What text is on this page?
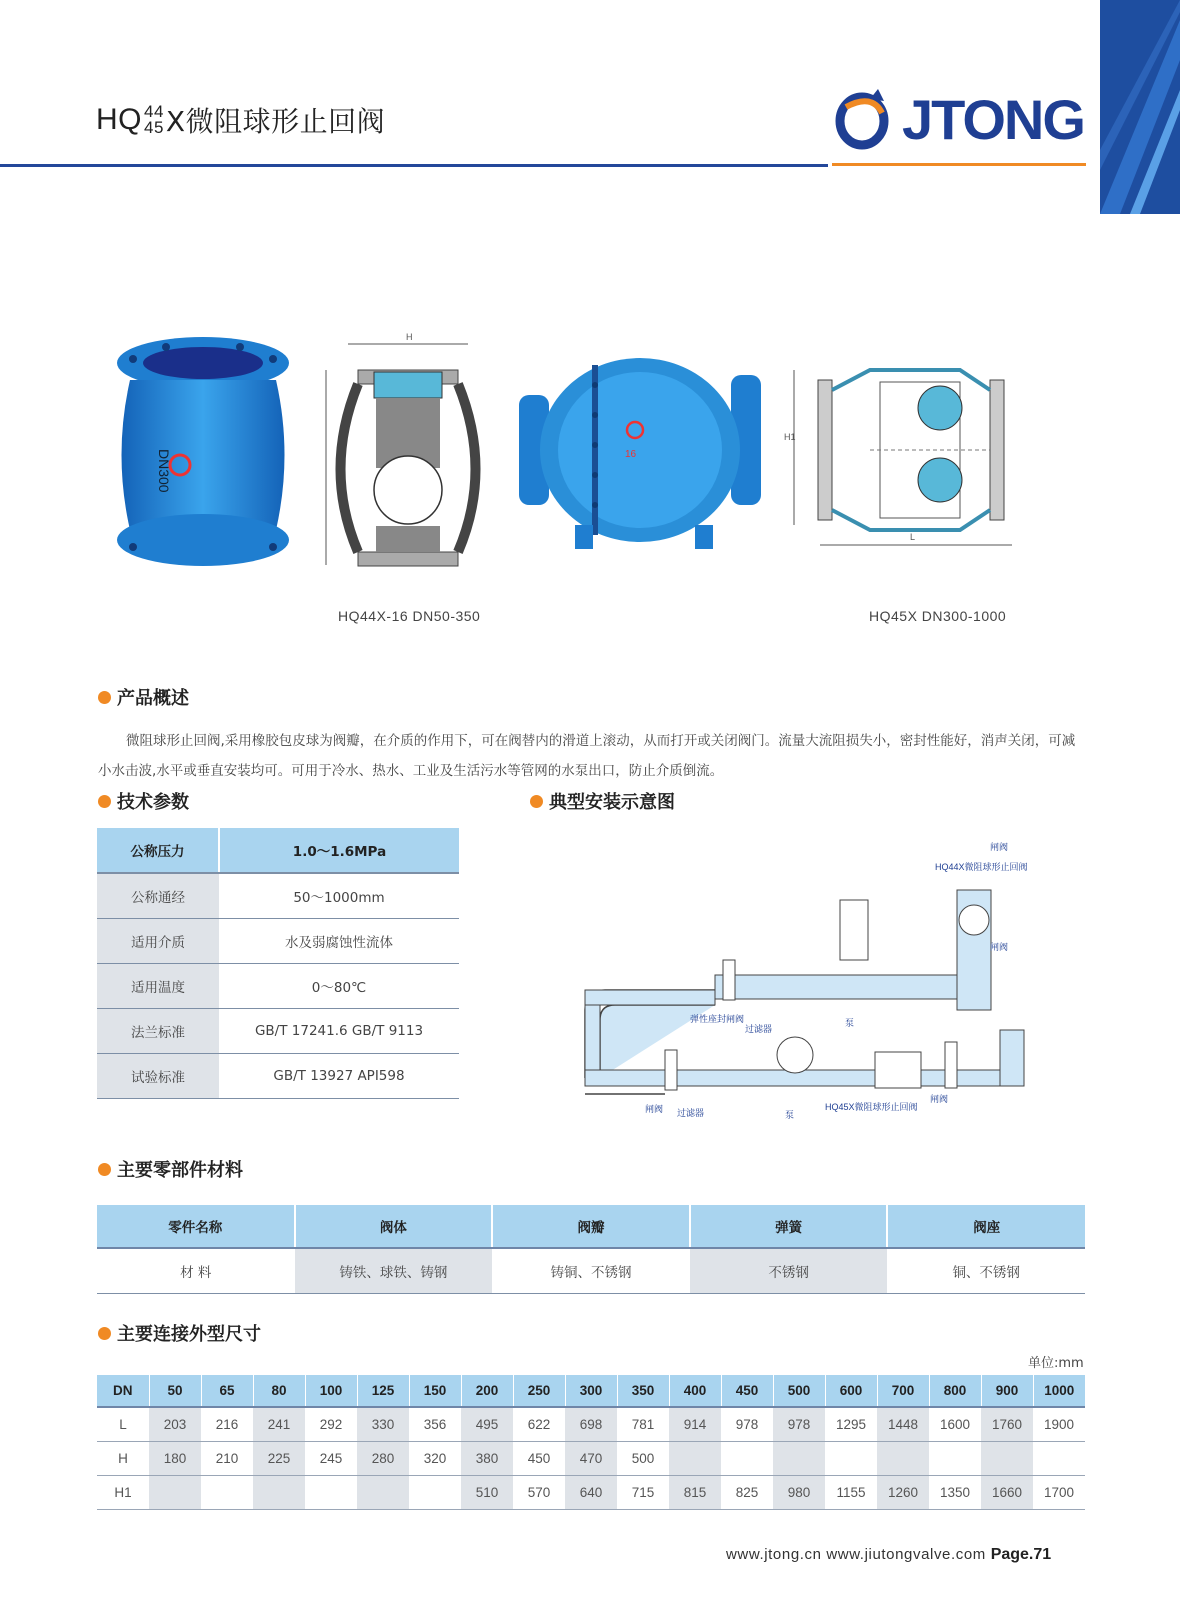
HQ 44
45 X微阻球形止回阀	JTONG
DN300
H
16
H1
L
HQ44X-16 DN50-350	HQ45X DN300-1000
产品概述
微阻球形止回阀,采用橡胶包皮球为阀瓣，在介质的作用下，可在阀替内的滑道上滚动，从而打开或关闭阀门。流量大流阻损失小，密封性能好，消声关闭，可减小水击波,水平或垂直安装均可。可用于冷水、热水、工业及生活污水等管网的水泵出口，防止介质倒流。
技术参数
公称压力	1.0～1.6MPa
公称通经	50～1000mm
适用介质	水及弱腐蚀性流体
适用温度	0～80℃
法兰标准	GB/T 17241.6 GB/T 9113
试验标准	GB/T 13927 API598
典型安装示意图
弹性座封闸阀
过滤器
泵
HQ44X微阻球形止回阀
闸阀
闸阀
闸阀 过滤器	泵
HQ45X微阻球形止回阀
闸阀
主要零部件材料
零件名称	阀体	阀瓣	弹簧	阀座
材 料	铸铁、球铁、铸钢	铸铜、不锈钢	不锈钢	铜、不锈钢
主要连接外型尺寸
单位:mm
DN	50	65	80	100	125	150	200	250	300	350	400	450	500	600	700	800	900	1000
L	203	216	241	292	330	356	495	622	698	781	914	978	978	1295	1448	1600	1760	1900
H	180	210	225	245	280	320	380	450	470	500								
H1							510	570	640	715	815	825	980	1155	1260	1350	1660	1700
www.jtong.cn www.jiutongvalve.com Page.71
